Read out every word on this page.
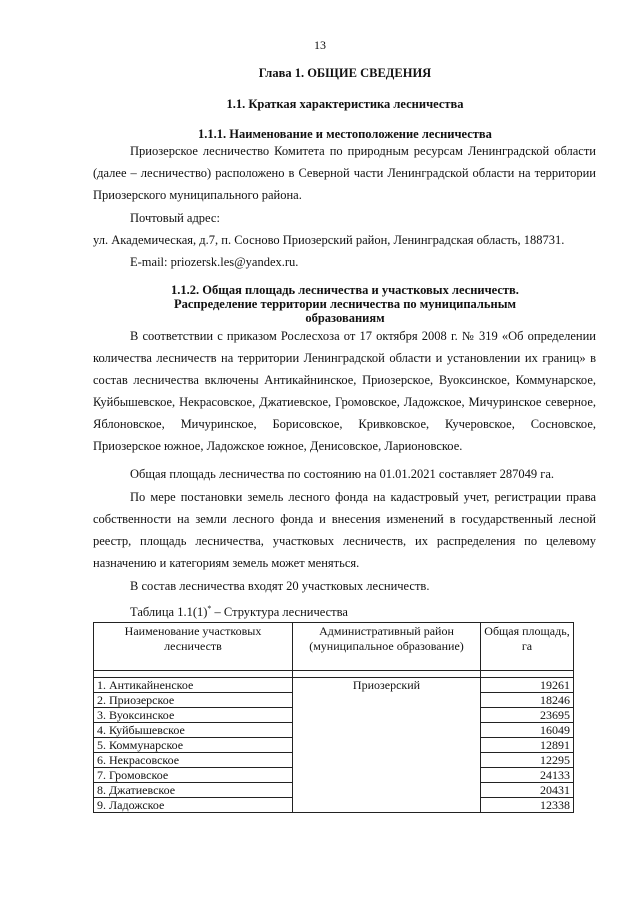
13
Глава 1. ОБЩИЕ СВЕДЕНИЯ
1.1. Краткая характеристика лесничества
1.1.1. Наименование и местоположение лесничества
Приозерское лесничество Комитета по природным ресурсам Ленинградской области (далее – лесничество) расположено в Северной части Ленинградской области на территории Приозерского муниципального района.
Почтовый адрес:
ул. Академическая, д.7, п. Сосново Приозерский район, Ленинградская область, 188731.
E-mail: priozersk.les@yandex.ru.
1.1.2. Общая площадь лесничества и участковых лесничеств.
Распределение территории лесничества по муниципальным
образованиям
В соответствии с приказом Рослесхоза от 17 октября 2008 г. № 319 «Об определении количества лесничеств на территории Ленинградской области и установлении их границ» в состав лесничества включены Антикайнинское, Приозерское, Вуоксинское, Коммунарское, Куйбышевское, Некрасовское, Джатиевское, Громовское, Ладожское, Мичуринское северное, Яблоновское, Мичуринское, Борисовское, Кривковское, Кучеровское, Сосновское, Приозерское южное, Ладожское южное, Денисовское, Ларионовское.
Общая площадь лесничества по состоянию на 01.01.2021 составляет 287049 га.
По мере постановки земель лесного фонда на кадастровый учет, регистрации права собственности на земли лесного фонда и внесения изменений в государственный лесной реестр, площадь лесничества, участковых лесничеств, их распределения по целевому назначению и категориям земель может меняться.
В состав лесничества входят 20 участковых лесничеств.
Таблица 1.1(1)* – Структура лесничества
Наименование участковых лесничеств	Административный район (муниципальное образование)	Общая площадь, га

1. Антикайненское	Приозерский	19261
2. Приозерское		18246
3. Вуоксинское		23695
4. Куйбышевское		16049
5. Коммунарское		12891
6. Некрасовское		12295
7. Громовское		24133
8. Джатиевское		20431
9. Ладожское		12338
